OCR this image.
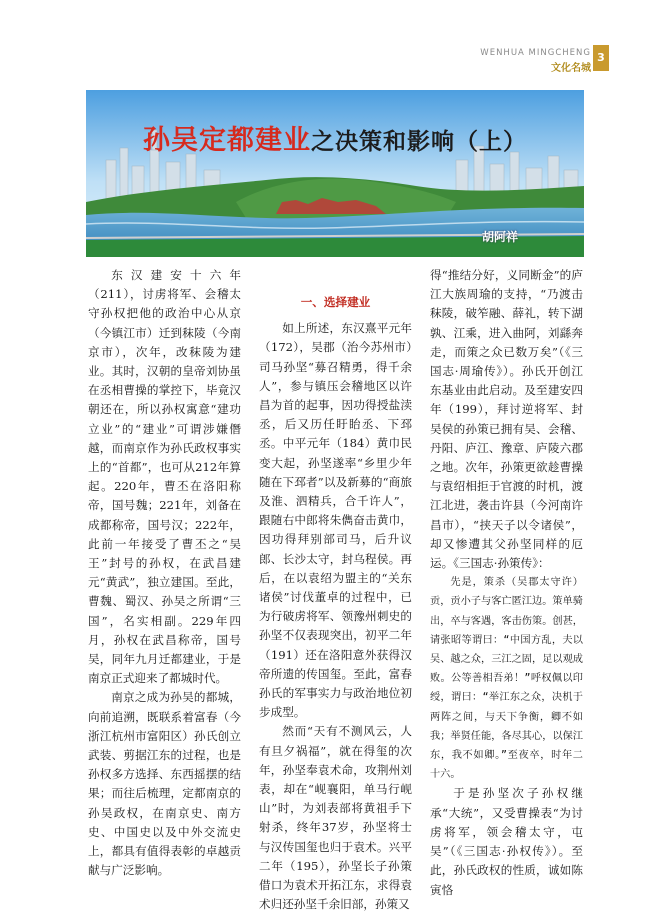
WENHUA MINGCHENG
文化名城
3
孙吴定都建业之决策和影响（上）
胡阿祥

东汉建安十六年（211），讨虏将军、会稽太守孙权把他的政治中心从京（今镇江市）迁到秣陵（今南京市），次年，改秣陵为建业。其时，汉朝的皇帝刘协虽在丞相曹操的掌控下，毕竟汉朝还在，所以孙权寓意“建功立业”的“建业”可谓涉嫌僭越，而南京作为孙氏政权事实上的“首都”，也可从212年算起。220年，曹丕在洛阳称帝，国号魏；221年，刘备在成都称帝，国号汉；222年，此前一年接受了曹丕之“吴王”封号的孙权，在武昌建元“黄武”，独立建国。至此，曹魏、蜀汉、孙吴之所谓“三国”，名实相副。229年四月，孙权在武昌称帝，国号吴，同年九月迁都建业，于是南京正式迎来了都城时代。

南京之成为孙吴的都城，向前追溯，既联系着富春（今浙江杭州市富阳区）孙氏创立武装、剪据江东的过程，也是孙权多方选择、东西摇摆的结果；而往后梳理，定都南京的孙吴政权，在南京史、南方史、中国史以及中外交流史上，都具有值得表彰的卓越贡献与广泛影响。

一、选择建业

如上所述，东汉熹平元年（172），吴郡（治今苏州市）司马孙坚“募召精勇，得千余人”，参与镇压会稽地区以许昌为首的起事，因功得授盐渎丞，后又历任盱眙丞、下邳丞。中平元年（184）黄巾民变大起，孙坚遂率“乡里少年随在下邳者”以及新募的“商旅及淮、泗精兵，合千许人”，跟随右中郎将朱儁奋击黄巾，因功得拜别部司马，后升议郎、长沙太守，封乌程侯。再后，在以袁绍为盟主的“关东诸侯”讨伐董卓的过程中，已为行破虏将军、领豫州刺史的孙坚不仅表现突出，初平二年（191）还在洛阳意外获得汉帝所遗的传国玺。至此，富春孙氏的军事实力与政治地位初步成型。

然而“天有不测风云，人有旦夕祸福”，就在得玺的次年，孙坚奉袁术命，攻荆州刘表，却在“岘襄阳，单马行岘山”时，为刘表部将黄祖手下射杀，终年37岁，孙坚将士与汉传国玺也归于袁术。兴平二年（195），孙坚长子孙策借口为袁术开拓江东，求得袁术归还孙坚千余旧部，孙策又

得“推结分好，义同断金”的庐江大族周瑜的支持，“乃渡击秣陵，破笮融、薛礼，转下湖孰、江乘，进入曲阿，刘繇奔走，而策之众已数万矣”（《三国志·周瑜传》）。孙氏开创江东基业由此启动。及至建安四年（199），拜讨逆将军、封吴侯的孙策已拥有吴、会稽、丹阳、庐江、豫章、庐陵六郡之地。次年，孙策更欲趁曹操与袁绍相拒于官渡的时机，渡江北进，袭击许县（今河南许昌市），“挟天子以令诸侯”，却又惨遭其父孙坚同样的厄运。《三国志·孙策传》：

先是，策杀（吴郡太守许）贡，贡小子与客亡匿江边。策单骑出，卒与客遇，客击伤策。创甚，请张昭等谓曰：“中国方乱，夫以吴、越之众，三江之固，足以观成败。公等善相吾弟！”呼权佩以印绶，谓曰：“举江东之众，决机于两阵之间，与天下争衡，卿不如我；举贤任能，各尽其心，以保江东，我不如卿。”至夜卒，时年二十六。

于是孙坚次子孙权继承“大统”，又受曹操表“为讨虏将军，领会稽太守，屯吴”（《三国志·孙权传》）。至此，孙氏政权的性质，诚如陈寅恪
